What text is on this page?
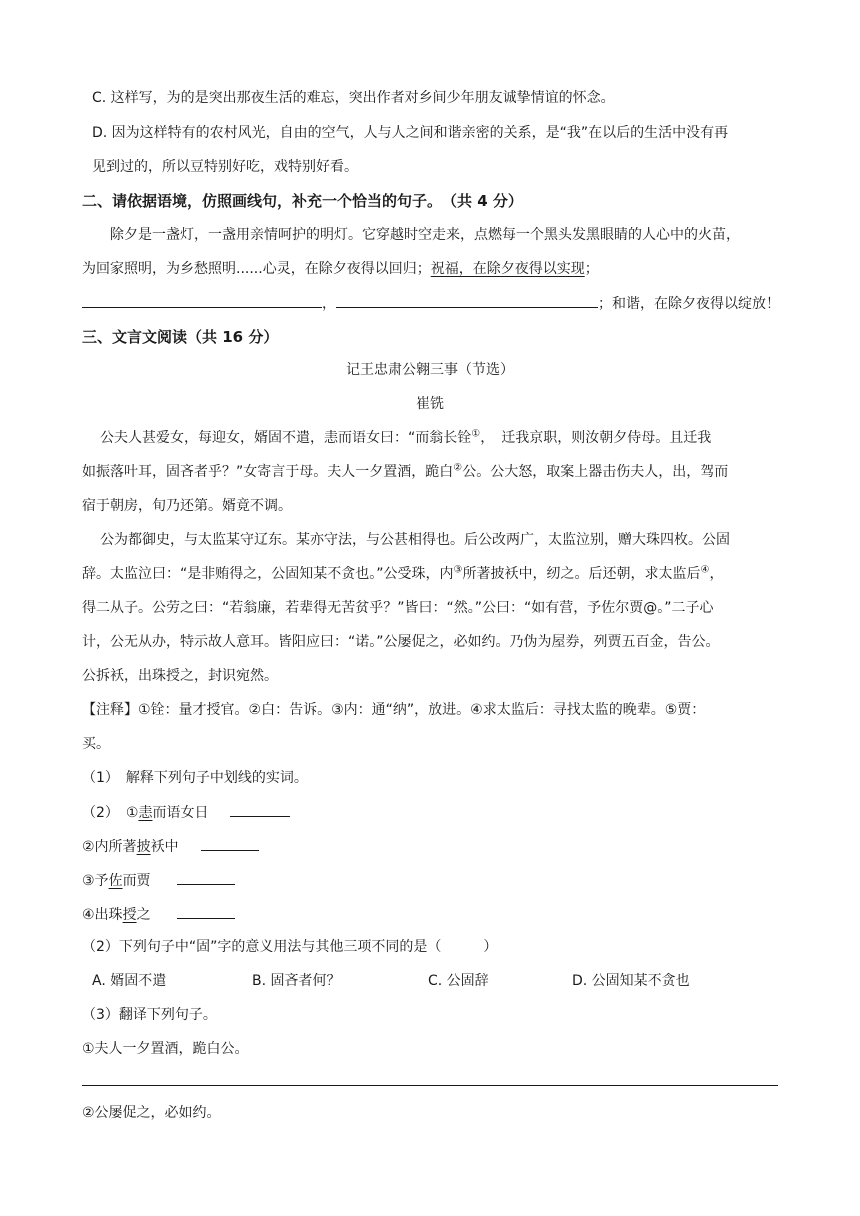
C. 这样写，为的是突出那夜生活的难忘，突出作者对乡间少年朋友诚挚情谊的怀念。
D. 因为这样特有的农村风光，自由的空气，人与人之间和谐亲密的关系，是“我”在以后的生活中没有再
见到过的，所以豆特别好吃，戏特别好看。
二、请依据语境，仿照画线句，补充一个恰当的句子。　（共 4 分）
除夕是一盏灯，一盏用亲情呵护的明灯。它穿越时空走来，点燃每一个黑头发黑眼睛的人心中的火苗，
为回家照明，为乡愁照明......心灵，在除夕夜得以回归；祝福，在除夕夜得以实现；
，	；和谐，在除夕夜得以绽放！
三、文言文阅读（共 16 分）
记王忠肃公翱三事（节选）
崔铣
公夫人甚爱女，每迎女，婿固不遣，恚而语女曰：“而翁长铨①，　迁我京职，则汝朝夕侍母。且迁我
如振落叶耳，固吝者乎？”女寄言于母。夫人一夕置酒，跪白②公。公大怒，取案上器击伤夫人，出，驾而
宿于朝房，旬乃还第。婿竟不调。
公为都御史，与太监某守辽东。某亦守法，与公甚相得也。后公改两广，太监泣别，赠大珠四枚。公固
辞。太监泣曰：“是非贿得之，公固知某不贪也。”公受珠，内③所著披袄中，纫之。后还朝，求太监后④，
得二从子。公劳之曰：“若翁廉，若辈得无苦贫乎？”皆曰：“然。”公曰：“如有营，予佐尔贾@。”二子心
计，公无从办，特示故人意耳。皆阳应曰：“诺。”公屡促之，必如约。乃伪为屋券，列贾五百金，告公。
公拆袄，出珠授之，封识宛然。
【注释】①铨：量才授官。②白：告诉。③内：通“纳”，放进。④求太监后：寻找太监的晚辈。⑤贾：
买。
（1）　解释下列句子中划线的实词。
（2）　①恚而语女日
②内所著披袄中
③予佐而贾
④出珠授之
（2）下列句子中“固”字的意义用法与其他三项不同的是（　　　）
A. 婿固不遣	B. 固吝者何？	C. 公固辞	D. 公固知某不贪也
（3）翻译下列句子。
①夫人一夕置酒，跪白公。
②公屡促之，必如约。
